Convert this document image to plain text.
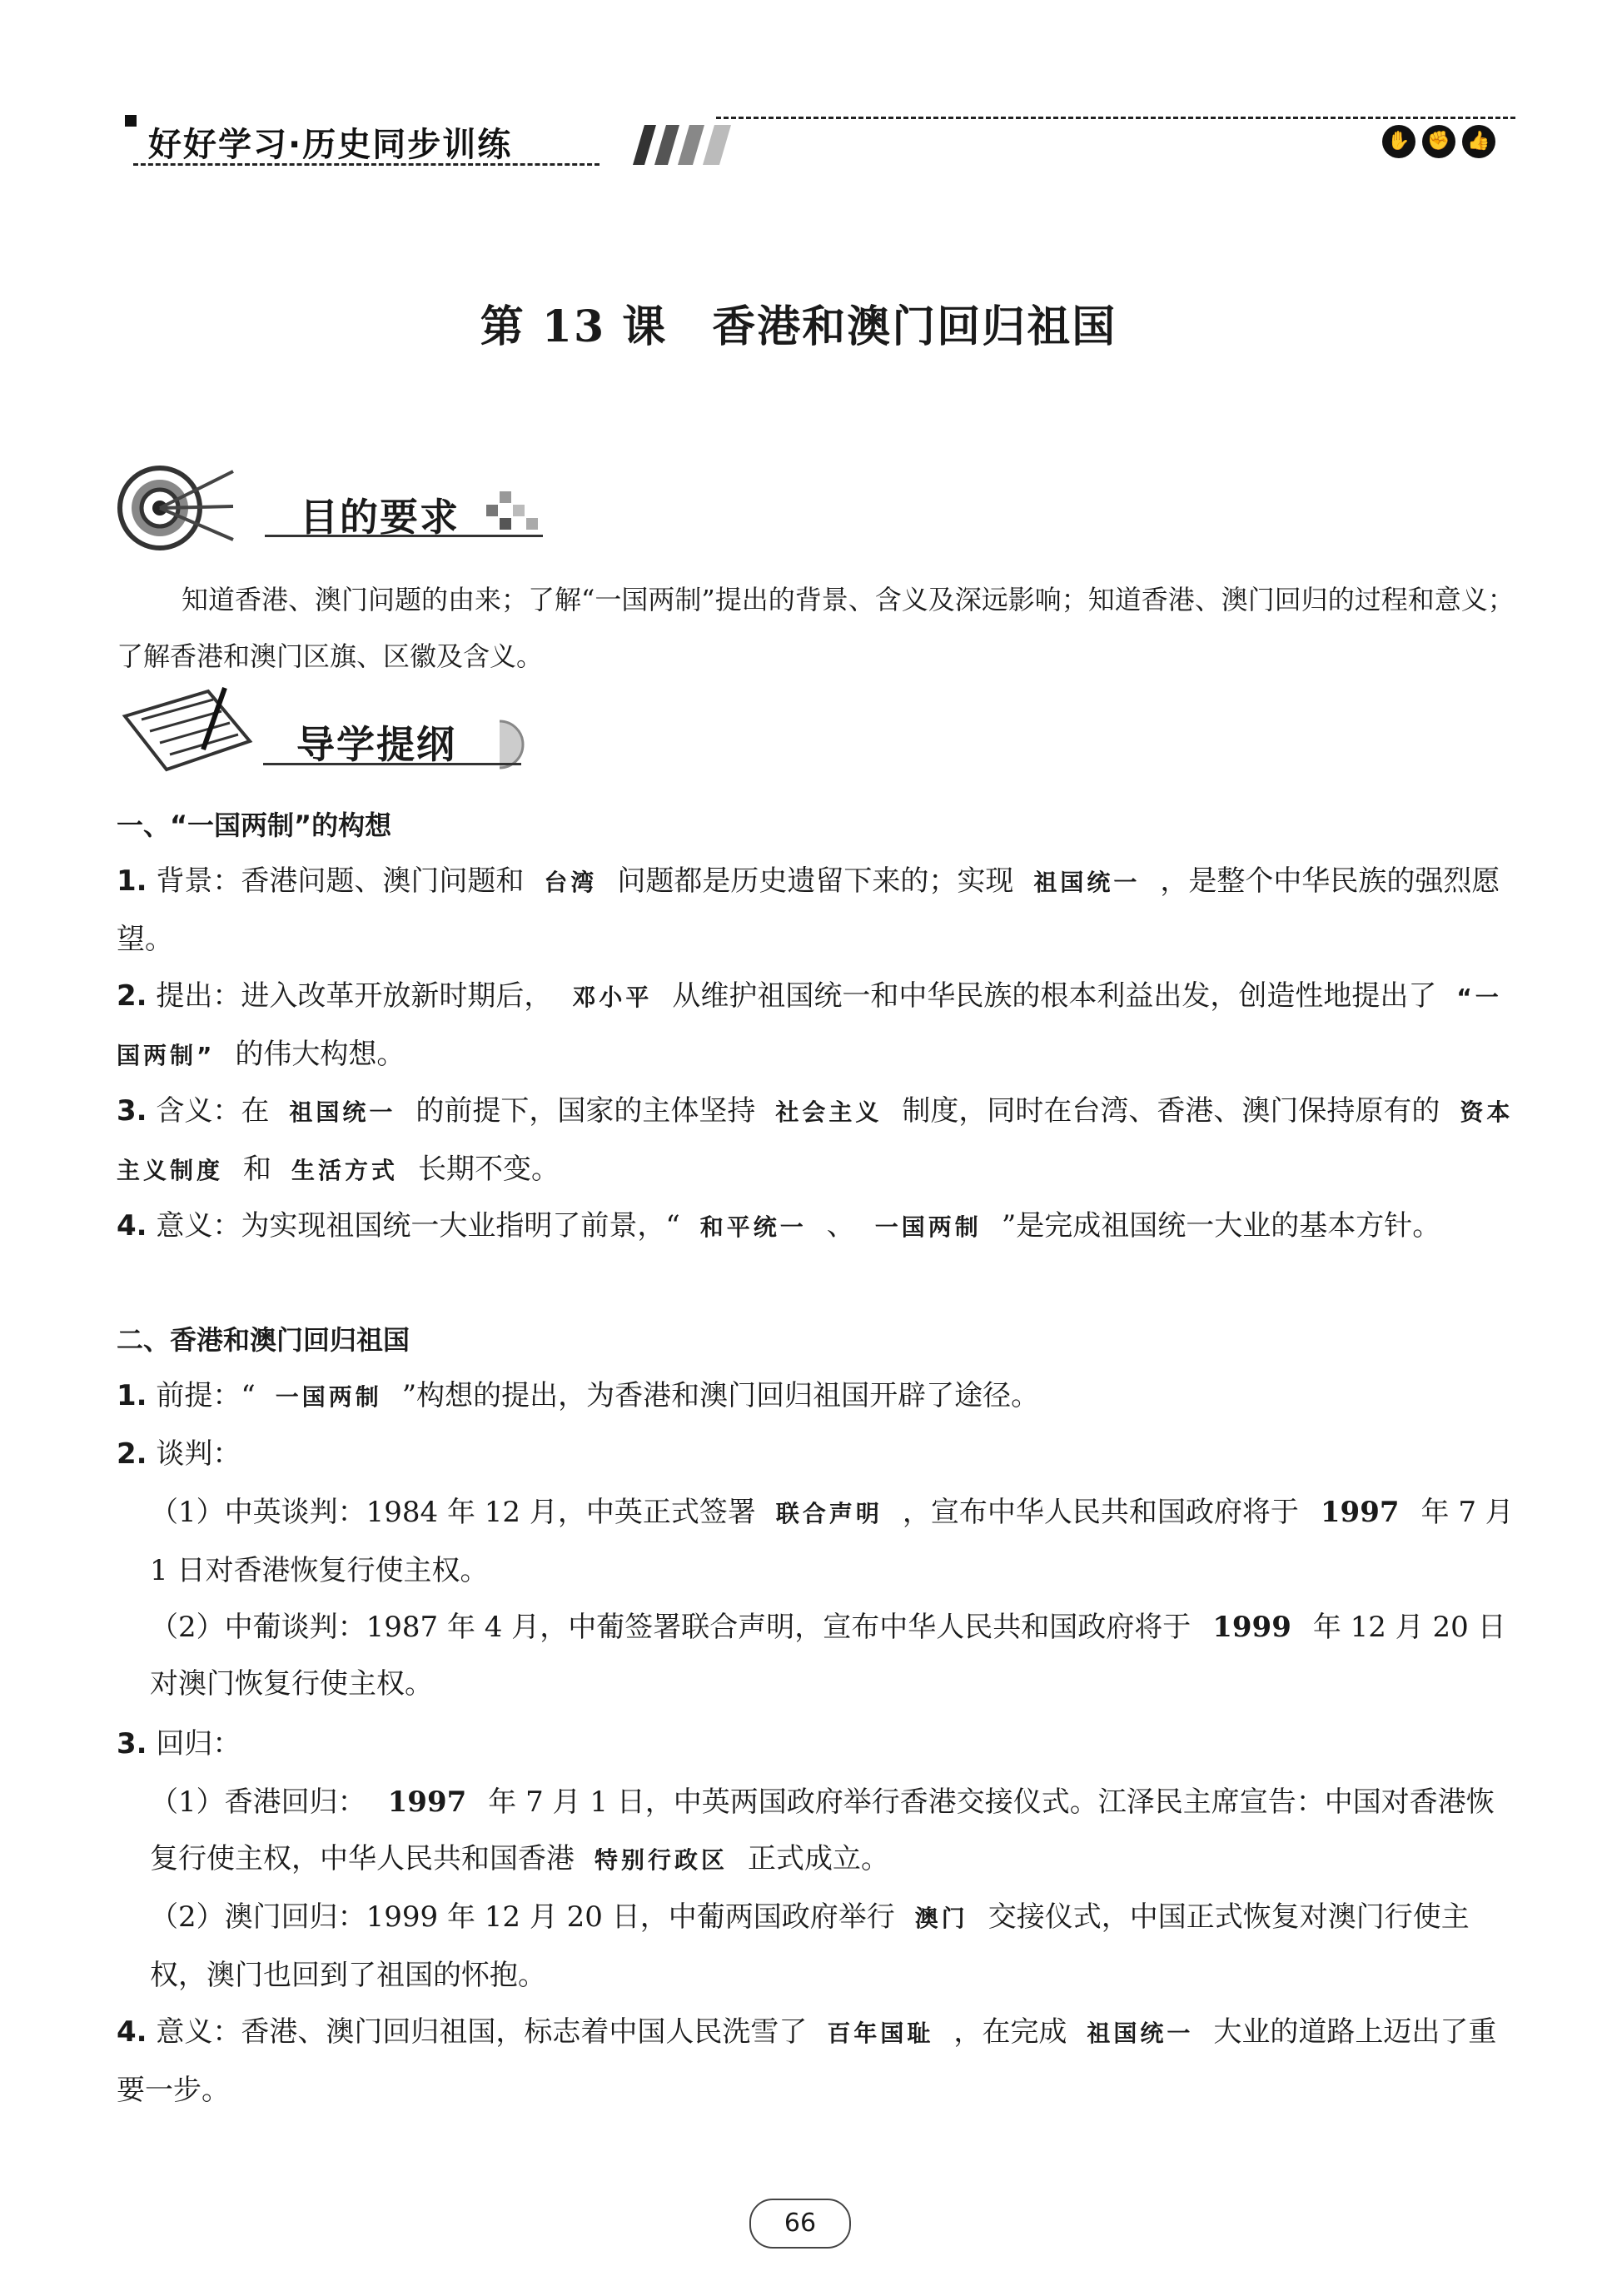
好好学习·历史同步训练	✋ ✊ 👍
第 13 课　香港和澳门回归祖国
目的要求
知道香港、澳门问题的由来；了解“一国两制”提出的背景、含义及深远影响；知道香港、澳门回归的过程和意义；了解香港和澳门区旗、区徽及含义。
导学提纲
一、“一国两制”的构想
1. 背景：香港问题、澳门问题和 台湾 问题都是历史遗留下来的；实现 祖国统一 ，是整个中华民族的强烈愿望。
2. 提出：进入改革开放新时期后， 邓小平 从维护祖国统一和中华民族的根本利益出发，创造性地提出了 “一国两制” 的伟大构想。
3. 含义：在 祖国统一 的前提下，国家的主体坚持 社会主义 制度，同时在台湾、香港、澳门保持原有的 资本主义制度 和 生活方式 长期不变。
4. 意义：为实现祖国统一大业指明了前景，“ 和平统一 、 一国两制 ”是完成祖国统一大业的基本方针。
二、香港和澳门回归祖国
1. 前提：“ 一国两制 ”构想的提出，为香港和澳门回归祖国开辟了途径。
2. 谈判：
（1）中英谈判：1984 年 12 月，中英正式签署 联合声明 ，宣布中华人民共和国政府将于 1997 年 7 月 1 日对香港恢复行使主权。
（2）中葡谈判：1987 年 4 月，中葡签署联合声明，宣布中华人民共和国政府将于 1999 年 12 月 20 日对澳门恢复行使主权。
3. 回归：
（1）香港回归： 1997 年 7 月 1 日，中英两国政府举行香港交接仪式。江泽民主席宣告：中国对香港恢复行使主权，中华人民共和国香港 特别行政区 正式成立。
（2）澳门回归：1999 年 12 月 20 日，中葡两国政府举行 澳门 交接仪式，中国正式恢复对澳门行使主权，澳门也回到了祖国的怀抱。
4. 意义：香港、澳门回归祖国，标志着中国人民洗雪了 百年国耻 ，在完成 祖国统一 大业的道路上迈出了重要一步。
66
